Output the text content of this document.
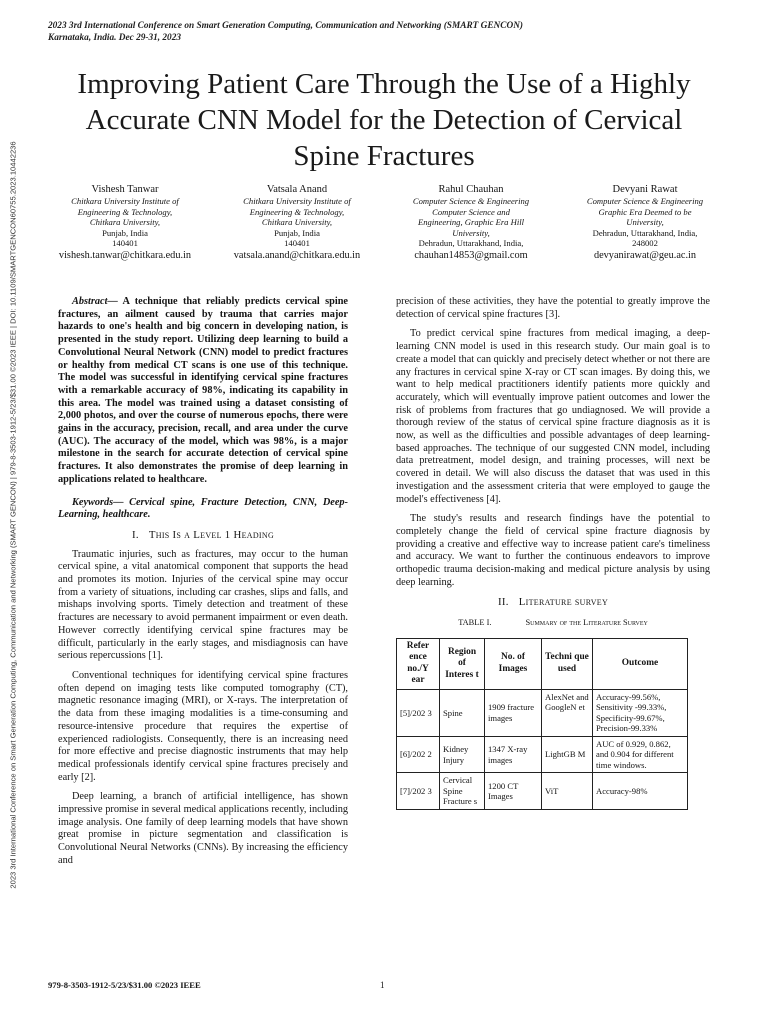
2023 3rd International Conference on Smart Generation Computing, Communication and Networking (SMART GENCON)
Karnataka, India. Dec 29-31, 2023
2023 3rd International Conference on Smart Generation Computing, Communication and Networking (SMART GENCON) | 979-8-3503-1912-5/23/$31.00 ©2023 IEEE | DOI: 10.1109/SMARTGENCON60755.2023.10442236
Improving Patient Care Through the Use of a Highly Accurate CNN Model for the Detection of Cervical Spine Fractures
Vishesh Tanwar
Chitkara University Institute of
Engineering & Technology,
Chitkara University,
Punjab, India
140401
vishesh.tanwar@chitkara.edu.in
Vatsala Anand
Chitkara University Institute of
Engineering & Technology,
Chitkara University,
Punjab, India
140401
vatsala.anand@chitkara.edu.in
Rahul Chauhan
Computer Science & Engineering
Computer Science and
Engineering, Graphic Era Hill
University,
Dehradun, Uttarakhand, India,
chauhan14853@gmail.com
Devyani Rawat
Computer Science & Engineering
Graphic Era Deemed to be
University,
Dehradun, Uttarakhand, India,
248002
devyanirawat@geu.ac.in

Abstract— A technique that reliably predicts cervical spine fractures, an ailment caused by trauma that carries major hazards to one's health and big concern in developing nation, is presented in the study report. Utilizing deep learning to build a Convolutional Neural Network (CNN) model to predict fractures or healthy from medical CT scans is one use of this technique. The model was successful in identifying cervical spine fractures with a remarkable accuracy of 98%, indicating its capability in this area. The model was trained using a dataset consisting of 2,000 photos, and over the course of numerous epochs, there were gains in the accuracy, precision, recall, and area under the curve (AUC). The accuracy of the model, which was 98%, is a major milestone in the search for accurate detection of cervical spine fractures. It also demonstrates the promise of deep learning in applications related to healthcare.

Keywords— Cervical spine, Fracture Detection, CNN, Deep-Learning, healthcare.

I. This Is a Level 1 Heading

Traumatic injuries, such as fractures, may occur to the human cervical spine, a vital anatomical component that supports the head and promotes its motion. Injuries of the cervical spine may occur from a variety of situations, including car crashes, slips and falls, and mishaps involving sports. Timely detection and treatment of these fractures are necessary to avoid permanent impairment or even death. However correctly identifying cervical spine fractures may be difficult, particularly in the early stages, and misdiagnosis can have serious repercussions [1].

Conventional techniques for identifying cervical spine fractures often depend on imaging tests like computed tomography (CT), magnetic resonance imaging (MRI), or X-rays. The interpretation of the data from these imaging modalities is a time-consuming and resource-intensive procedure that requires the expertise of experienced radiologists. Consequently, there is an increasing need for more effective and precise diagnostic instruments that may help medical professionals identify cervical spine fractures precisely and early [2].

Deep learning, a branch of artificial intelligence, has shown impressive promise in several medical applications recently, including image analysis. One family of deep learning models that have shown great promise in picture segmentation and classification is Convolutional Neural Networks (CNNs). By increasing the efficiency and

precision of these activities, they have the potential to greatly improve the detection of cervical spine fractures [3].

To predict cervical spine fractures from medical imaging, a deep-learning CNN model is used in this research study. Our main goal is to create a model that can quickly and precisely detect whether or not there are any fractures in cervical spine X-ray or CT scan images. By doing this, we want to help medical practitioners identify patients more quickly and accurately, which will eventually improve patient outcomes and lower the risk of problems from fractures that go undiagnosed. We will provide a thorough review of the status of cervical spine fracture diagnosis as it is now, as well as the difficulties and possible advantages of deep learning-based approaches. The technique of our suggested CNN model, including data pretreatment, model design, and training processes, will next be covered in detail. We will also discuss the dataset that was used in this investigation and the assessment criteria that were employed to gauge the model's effectiveness [4].

The study's results and research findings have the potential to completely change the field of cervical spine fracture diagnosis by providing a creative and effective way to increase patient care's timeliness and accuracy. We want to further the continuous endeavors to improve orthopedic trauma decision-making and medical picture analysis by using deep learning.

II. Literature survey
TABLE I.	Summary of the Literature Survey
Refer ence no./Y ear	Region of Interes t	No. of Images	Techni que used	Outcome
[5]/202 3	Spine	1909 fracture images	AlexNet and GoogleN et	Accuracy-99.56%, Sensitivity -99.33%, Specificity-99.67%, Precision-99.33%
[6]/202 2	Kidney Injury	1347 X-ray images	LightGB M	AUC of 0.929, 0.862, and 0.904 for different time windows.
[7]/202 3	Cervical Spine Fracture s	1200 CT Images	ViT	Accuracy-98%
979-8-3503-1912-5/23/$31.00 ©2023 IEEE	1
